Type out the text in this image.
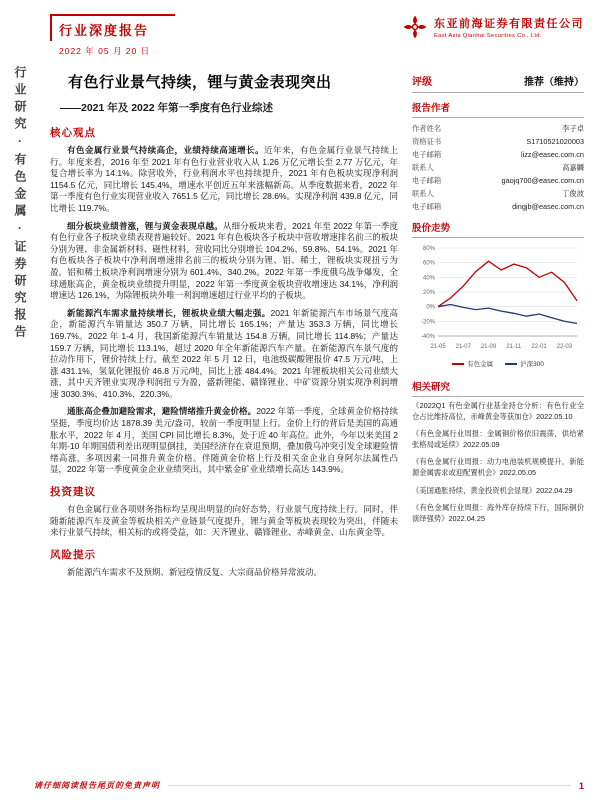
行业研究·有色金属·证券研究报告
行业深度报告
2022 年 05 月 20 日
东亚前海证券有限责任公司
East Asia Qianhai Securities Co., Ltd.
有色行业景气持续，锂与黄金表现突出
——2021 年及 2022 年第一季度有色行业综述
核心观点

有色金属行业景气持续高企，业绩持续高速增长。近年来，有色金属行业景气持续上行。年度来看，2016 年至 2021 年有色行业营业收入从 1.26 万亿元增长至 2.77 万亿元，年复合增长率为 14.1%。除营收外，行业利润水平也持续提升，2021 年有色板块实现净利润 1154.5 亿元，同比增长 145.4%，增速水平创近五年来涨幅新高。从季度数据来看，2022 年第一季度有色行业实现营业收入 7651.5 亿元，同比增长 28.6%。实现净利润 439.8 亿元，同比增长 119.7%。

细分板块业绩普涨，锂与黄金表现卓越。从细分板块来看，2021 年至 2022 年第一季度有色行业各子板块业绩表现普遍较好。2021 年有色板块各子板块中营收增速排名前三的板块分别为锂、非金属新材料、磁性材料，营收同比分别增长 104.2%、59.8%、54.1%。2021 年有色板块各子板块中净利润增速排名前三的板块分别为锂、铝、稀土，锂板块实现扭亏为盈，铝和稀土板块净利润增速分别为 601.4%、340.2%。2022 年第一季度俄乌战争爆发，全球通胀高企，黄金板块业绩提升明显，2022 年第一季度黄金板块营收增速达 34.1%，净利润增速达 126.1%，为除锂板块外唯一利润增速超过行业平均的子板块。

新能源汽车需求量持续增长，锂板块业绩大幅走强。2021 年新能源汽车市场景气度高企，新能源汽车销量达 350.7 万辆，同比增长 165.1%；产量达 353.3 万辆，同比增长 169.7%。2022 年 1-4 月，我国新能源汽车销量达 154.8 万辆，同比增长 114.8%；产量达 159.7 万辆，同比增长 113.1%，超过 2020 年全年新能源汽车产量。在新能源汽车景气度的拉动作用下，锂价持续上行。截至 2022 年 5 月 12 日，电池级碳酸锂报价 47.5 万元/吨，上涨 431.1%，氢氧化锂报价 46.8 万元/吨，同比上涨 484.4%。2021 年锂板块相关公司业绩大涨，其中天齐锂业实现净利润扭亏为盈，盛新锂能、赣锋锂业、中矿资源分别实现净利润增速 3030.3%、410.3%、220.3%。

通胀高企叠加避险需求，避险情绪推升黄金价格。2022 年第一季度，全球黄金价格持续坚挺，季度均价达 1878.39 美元/盎司，较前一季度明显上行。金价上行的背后是美国的高通胀水平，2022 年 4 月，美国 CPI 同比增长 8.3%，处于近 40 年高位。此外，今年以来美国 2 年期-10 年期国债利差出现明显倒挂，美国经济存在衰退预期，叠加俄乌冲突引发全球避险情绪高涨，多项因素一同推升黄金价格。伴随黄金价格上行及相关金企业自身阿尔法属性凸显，2022 年第一季度黄金企业业绩突出，其中紫金矿业业绩增长高达 143.9%。

投资建议

有色金属行业各项财务指标均呈现出明显的向好态势，行业景气度持续上行。同时，伴随新能源汽车及黄金等板块相关产业链景气度提升，锂与黄金等板块表现较为突出，伴随未来行业景气持续，相关标的或将受益，如：天齐锂业、赣锋锂业、赤峰黄金、山东黄金等。

风险提示

新能源汽车需求不及预期、新冠疫情反复、大宗商品价格异常波动。

评级	推荐（维持）
报告作者
作者姓名	李子卓
资格证书	S1710521020003
电子邮箱	lizz@easec.com.cn
联系人	高嘉麟
电子邮箱	gaojq700@easec.com.cn
联系人	丁俊波
电子邮箱	dingjb@easec.com.cn
股价走势
-40%
-20%
0%
20%
40%
60%
80%
21-05 21-07 21-09 21-11 22-01 22-03
有色金属	沪深300
相关研究
《2022Q1 有色金属行业基金持仓分析：有色行业全仓占比维持高位，赤峰黄金等获加仓》2022.05.10
《有色金属行业周报：金属铜价格依旧震荡，供给紧张格局或延续》2022.05.09
《有色金属行业周报：动力电池装机规模提升，新能源金属需求或迎配置机会》2022.05.05
《美国通胀持续，黄金投资机会显现》2022.04.29
《有色金属行业周报：海外库存持续下行，国际铜价演绎强势》2022.04.25
请仔细阅读报告尾页的免责声明	1
